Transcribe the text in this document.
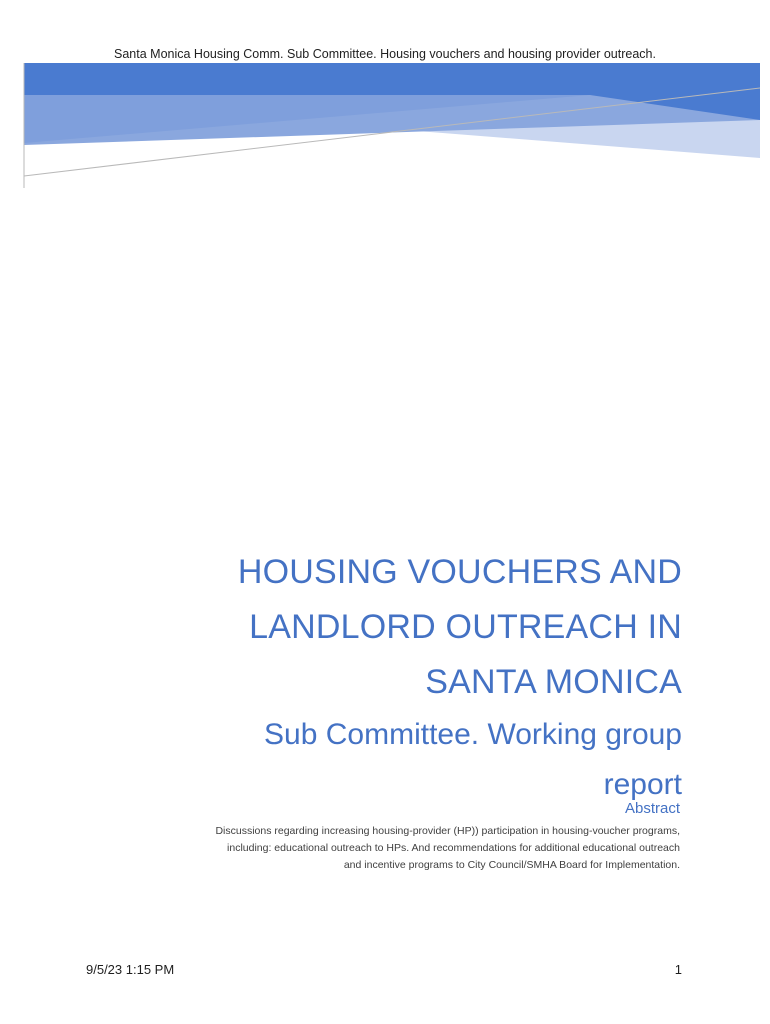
Santa Monica Housing Comm. Sub Committee. Housing vouchers and housing provider outreach.
HOUSING VOUCHERS AND
LANDLORD OUTREACH IN
SANTA MONICA
Sub Committee. Working group
report
Abstract
Discussions regarding increasing housing-provider (HP)) participation in housing-voucher programs,
including: educational outreach to HPs. And recommendations for additional educational outreach
and incentive programs to City Council/SMHA Board for Implementation.
9/5/23 1:15 PM	1
